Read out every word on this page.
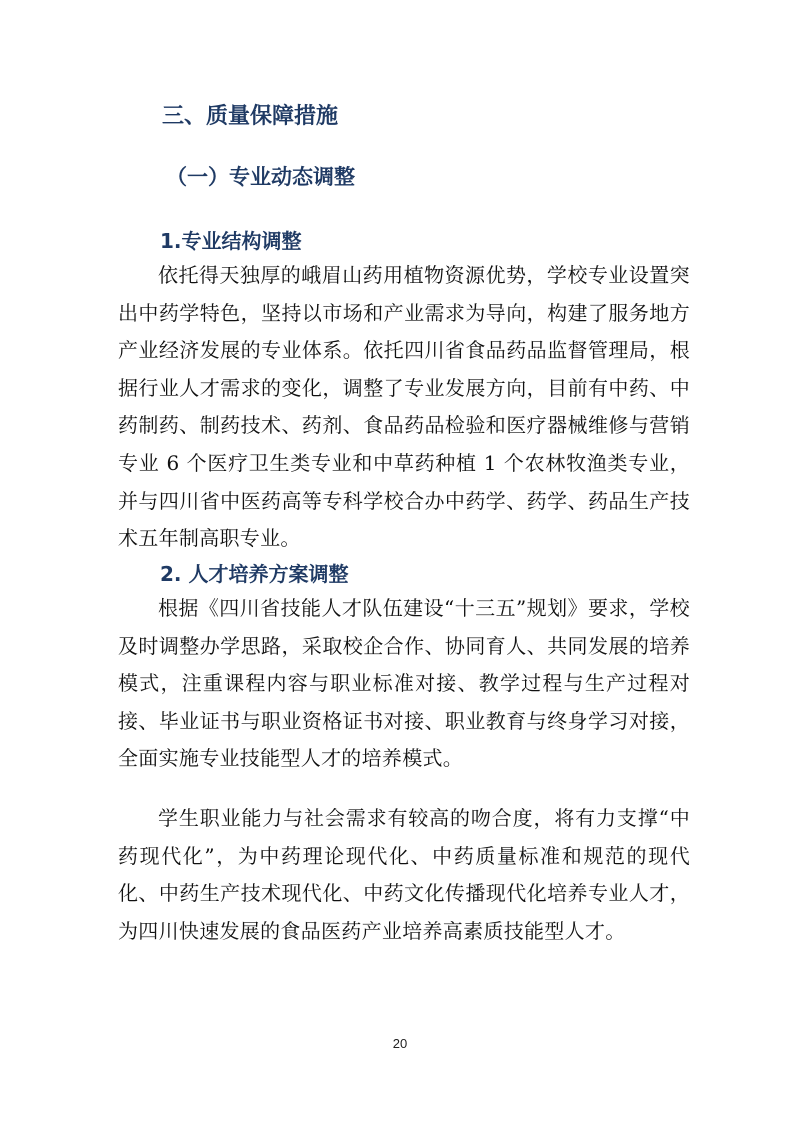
三、质量保障措施
（一）专业动态调整
1.专业结构调整

依托得天独厚的峨眉山药用植物资源优势，学校专业设置突出中药学特色，坚持以市场和产业需求为导向，构建了服务地方产业经济发展的专业体系。依托四川省食品药品监督管理局，根据行业人才需求的变化，调整了专业发展方向，目前有中药、中药制药、制药技术、药剂、食品药品检验和医疗器械维修与营销专业 6 个医疗卫生类专业和中草药种植 1 个农林牧渔类专业，并与四川省中医药高等专科学校合办中药学、药学、药品生产技术五年制高职专业。

2. 人才培养方案调整

根据《四川省技能人才队伍建设“十三五”规划》要求，学校及时调整办学思路，采取校企合作、协同育人、共同发展的培养模式，注重课程内容与职业标准对接、教学过程与生产过程对接、毕业证书与职业资格证书对接、职业教育与终身学习对接，全面实施专业技能型人才的培养模式。

学生职业能力与社会需求有较高的吻合度，将有力支撑“中药现代化”，为中药理论现代化、中药质量标准和规范的现代化、中药生产技术现代化、中药文化传播现代化培养专业人才，为四川快速发展的食品医药产业培养高素质技能型人才。

20
